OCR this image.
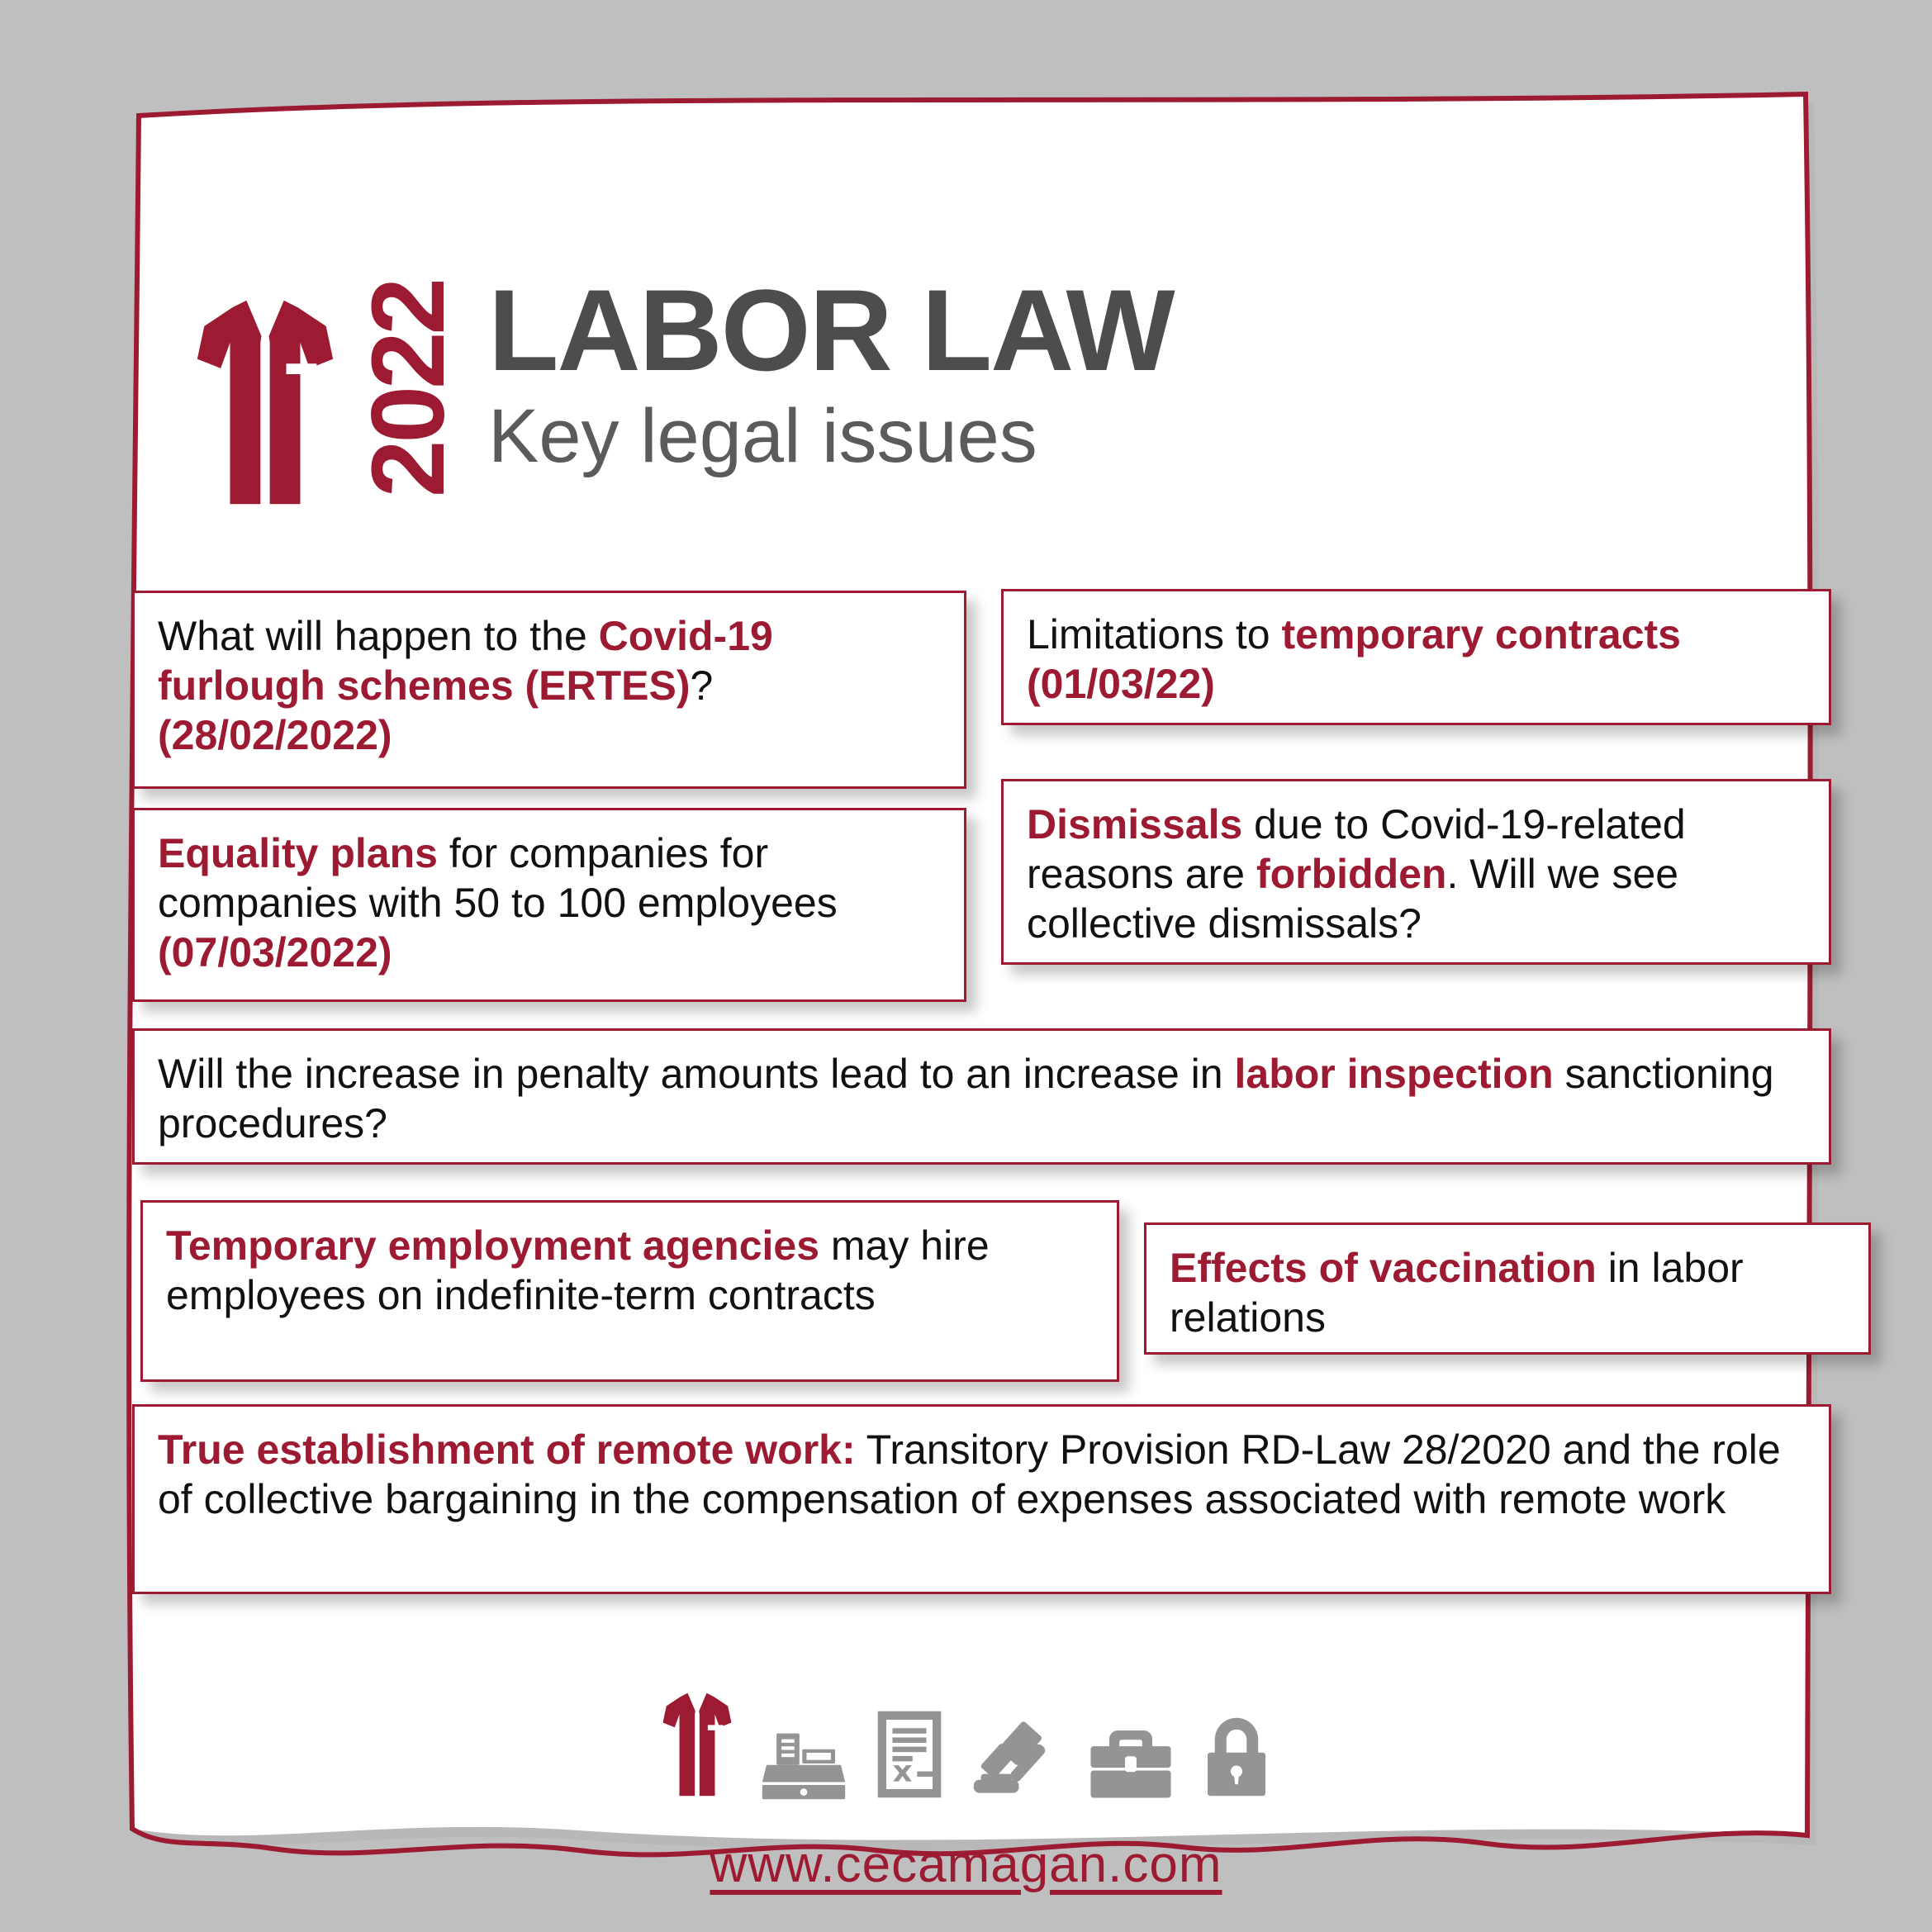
2022 LABOR LAW
Key legal issues
What will happen to the Covid-19 furlough schemes (ERTES)? (28/02/2022)
Limitations to temporary contracts (01/03/22)
Equality plans for companies for companies with 50 to 100 employees (07/03/2022)
Dismissals due to Covid-19-related reasons are forbidden. Will we see collective dismissals?
Will the increase in penalty amounts lead to an increase in labor inspection sanctioning procedures?
Temporary employment agencies may hire employees on indefinite-term contracts
Effects of vaccination in labor relations
True establishment of remote work: Transitory Provision RD-Law 28/2020 and the role of collective bargaining in the compensation of expenses associated with remote work
www.cecamagan.com
